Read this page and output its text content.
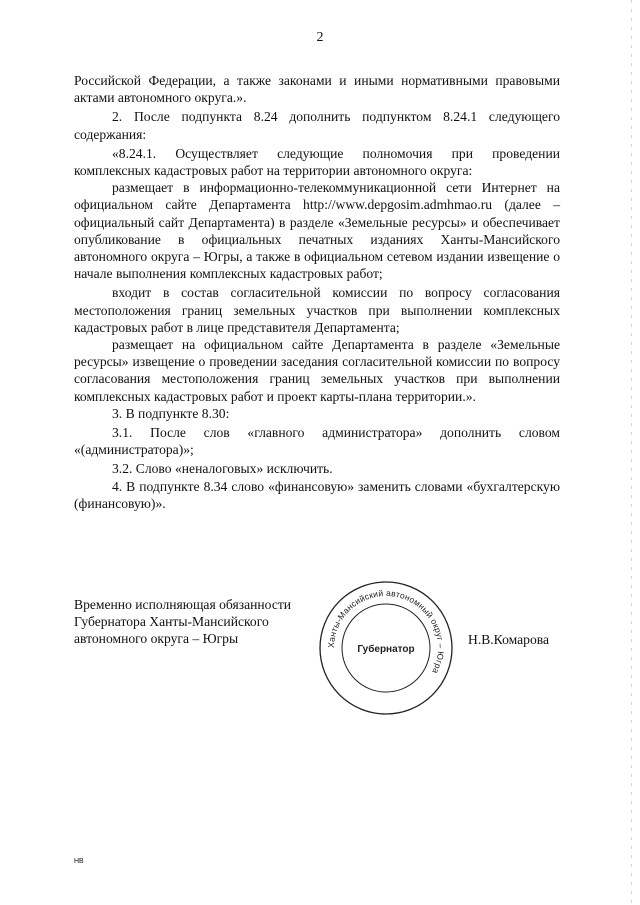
2

Российской Федерации, а также законами и иными нормативными правовыми актами автономного округа.».

2. После подпункта 8.24 дополнить подпунктом 8.24.1 следующего содержания:

«8.24.1. Осуществляет следующие полномочия при проведении комплексных кадастровых работ на территории автономного округа:

размещает в информационно-телекоммуникационной сети Интернет на официальном сайте Департамента http://www.depgosim.admhmao.ru (далее – официальный сайт Департамента) в разделе «Земельные ресурсы» и обеспечивает опубликование в официальных печатных изданиях Ханты-Мансийского автономного округа – Югры, а также в официальном сетевом издании извещение о начале выполнения комплексных кадастровых работ;

входит в состав согласительной комиссии по вопросу согласования местоположения границ земельных участков при выполнении комплексных кадастровых работ в лице представителя Департамента;

размещает на официальном сайте Департамента в разделе «Земельные ресурсы» извещение о проведении заседания согласительной комиссии по вопросу согласования местоположения границ земельных участков при выполнении комплексных кадастровых работ и проект карты-плана территории.».

3. В подпункте 8.30:

3.1. После слов «главного администратора» дополнить словом «(администратора)»;

3.2. Слово «неналоговых» исключить.

4. В подпункте 8.34 слово «финансовую» заменить словами «бухгалтерскую (финансовую)».

Временно исполняющая обязанности
Губернатора Ханты-Мансийского
автономного округа – Югры	Ханты-Мансийский автономный округ – Югра
Губернатор
Н.В.Комарова
НВ
